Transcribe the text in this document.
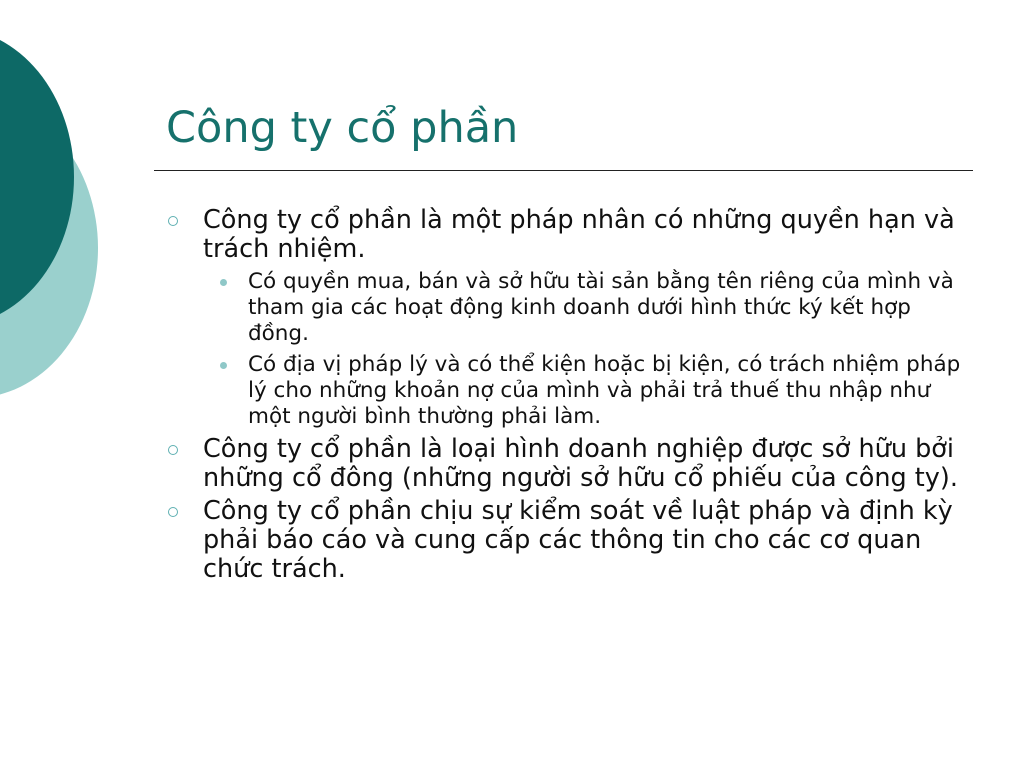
Công ty cổ phần
Công ty cổ phần là một pháp nhân có những quyền hạn và trách nhiệm.
Có quyền mua, bán và sở hữu tài sản bằng tên riêng của mình và tham gia các hoạt động kinh doanh dưới hình thức ký kết hợp đồng.
Có địa vị pháp lý và có thể kiện hoặc bị kiện, có trách nhiệm pháp lý cho những khoản nợ của mình và phải trả thuế thu nhập như một người bình thường phải làm.
Công ty cổ phần là loại hình doanh nghiệp được sở hữu bởi những cổ đông (những người sở hữu cổ phiếu của công ty).
Công ty cổ phần chịu sự kiểm soát về luật pháp và định kỳ phải báo cáo và cung cấp các thông tin cho các cơ quan chức trách.
